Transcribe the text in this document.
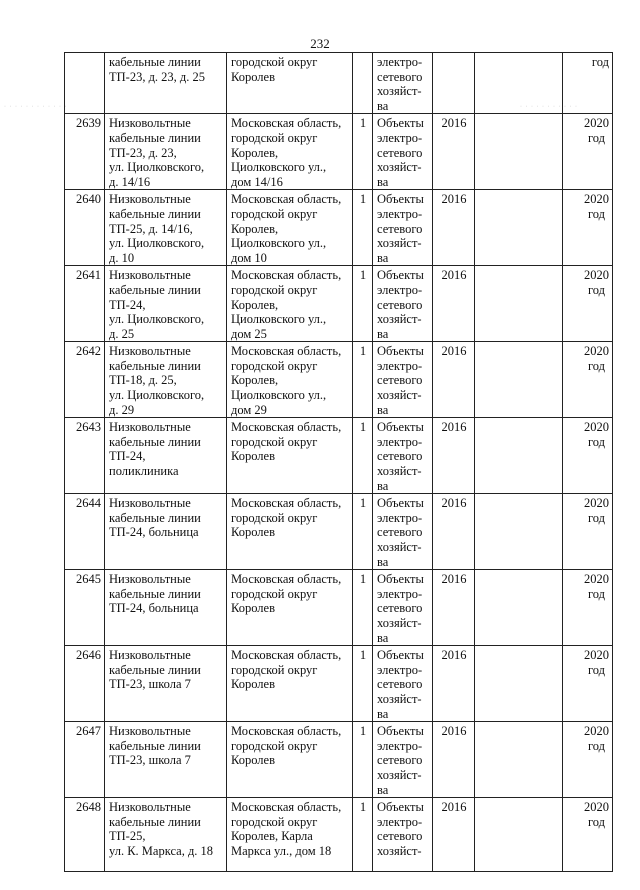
232
· · · · · · · · · · · ·	· · · · · · · · · · ·

	кабельные линии
ТП-23, д. 23, д. 25	городской округ
Королев		электро-
сетевого
хозяйст-
ва			год

2639	Низковольтные
кабельные линии
ТП-23, д. 23,
ул. Циолковского,
д. 14/16	Московская область,
городской округ
Королев,
Циолковского ул.,
дом 14/16	1	Объекты
электро-
сетевого
хозяйст-
ва	2016		2020
год

2640	Низковольтные
кабельные линии
ТП-25, д. 14/16,
ул. Циолковского,
д. 10	Московская область,
городской округ
Королев,
Циолковского ул.,
дом 10	1	Объекты
электро-
сетевого
хозяйст-
ва	2016		2020
год

2641	Низковольтные
кабельные линии
ТП-24,
ул. Циолковского,
д. 25	Московская область,
городской округ
Королев,
Циолковского ул.,
дом 25	1	Объекты
электро-
сетевого
хозяйст-
ва	2016		2020
год

2642	Низковольтные
кабельные линии
ТП-18, д. 25,
ул. Циолковского,
д. 29	Московская область,
городской округ
Королев,
Циолковского ул.,
дом 29	1	Объекты
электро-
сетевого
хозяйст-
ва	2016		2020
год

2643	Низковольтные
кабельные линии
ТП-24,
поликлиника	Московская область,
городской округ
Королев	1	Объекты
электро-
сетевого
хозяйст-
ва	2016		2020
год

2644	Низковольтные
кабельные линии
ТП-24, больница	Московская область,
городской округ
Королев	1	Объекты
электро-
сетевого
хозяйст-
ва	2016		2020
год

2645	Низковольтные
кабельные линии
ТП-24, больница	Московская область,
городской округ
Королев	1	Объекты
электро-
сетевого
хозяйст-
ва	2016		2020
год

2646	Низковольтные
кабельные линии
ТП-23, школа 7	Московская область,
городской округ
Королев	1	Объекты
электро-
сетевого
хозяйст-
ва	2016		2020
год

2647	Низковольтные
кабельные линии
ТП-23, школа 7	Московская область,
городской округ
Королев	1	Объекты
электро-
сетевого
хозяйст-
ва	2016		2020
год

2648	Низковольтные
кабельные линии
ТП-25,
ул. К. Маркса, д. 18	Московская область,
городской округ
Королев, Карла
Маркса ул., дом 18	1	Объекты
электро-
сетевого
хозяйст-	2016		2020
год
